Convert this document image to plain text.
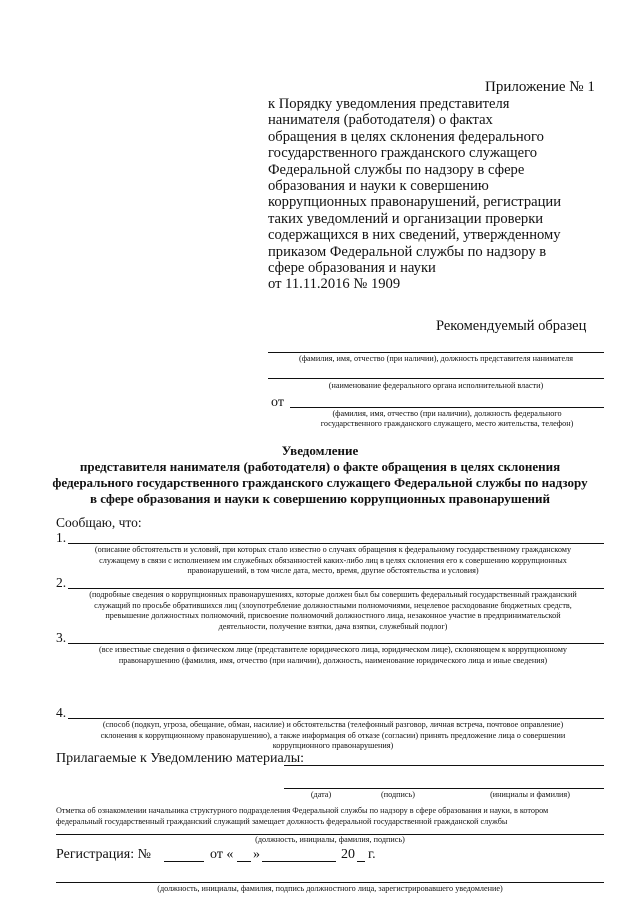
Приложение № 1
к Порядку уведомления представителя
нанимателя (работодателя) о фактах
обращения в целях склонения федерального
государственного гражданского служащего
Федеральной службы по надзору в сфере
образования и науки к совершению
коррупционных правонарушений, регистрации
таких уведомлений и организации проверки
содержащихся в них сведений, утвержденному
приказом Федеральной службы по надзору в
сфере образования и науки
от 11.11.2016 № 1909
Рекомендуемый образец
(фамилия, имя, отчество (при наличии), должность представителя нанимателя
(наименование федерального органа исполнительной власти)
от
(фамилия, имя, отчество (при наличии), должность федерального
государственного гражданского служащего, место жительства, телефон)
Уведомление
представителя нанимателя (работодателя) о факте обращения в целях склонения
федерального государственного гражданского служащего Федеральной службы по надзору
в сфере образования и науки к совершению коррупционных правонарушений
Сообщаю, что:
1.
(описание обстоятельств и условий, при которых стало известно о случаях обращения к федеральному государственному гражданскому
служащему в связи с исполнением им служебных обязанностей каких-либо лиц в целях склонения его к совершению коррупционных
правонарушений, в том числе дата, место, время, другие обстоятельства и условия)
2.
(подробные сведения о коррупционных правонарушениях, которые должен был бы совершить федеральный государственный гражданский
служащий по просьбе обратившихся лиц (злоупотребление должностными полномочиями, нецелевое расходование бюджетных средств,
превышение должностных полномочий, присвоение полномочий должностного лица, незаконное участие в предпринимательской
деятельности, получение взятки, дача взятки, служебный подлог)
3.
(все известные сведения о физическом лице (представителе юридического лица, юридическом лице), склоняющем к коррупционному
правонарушению (фамилия, имя, отчество (при наличии), должность, наименование юридического лица и иные сведения)
4.
(способ (подкуп, угроза, обещание, обман, насилие) и обстоятельства (телефонный разговор, личная встреча, почтовое оправление)
склонения к коррупционному правонарушению), а также информация об отказе (согласии) принять предложение лица о совершении
коррупционного правонарушения)
Прилагаемые к Уведомлению материалы:
(дата)	(подпись)	(инициалы и фамилия)
Отметка об ознакомлении начальника структурного подразделения Федеральной службы по надзору в сфере образования и науки, в котором
федеральный государственный гражданский служащий замещает должность федеральной государственной гражданской службы
(должность, инициалы, фамилия, подпись)
Регистрация: №	от « »	20 г.
(должность, инициалы, фамилия, подпись должностного лица, зарегистрировавшего уведомление)
